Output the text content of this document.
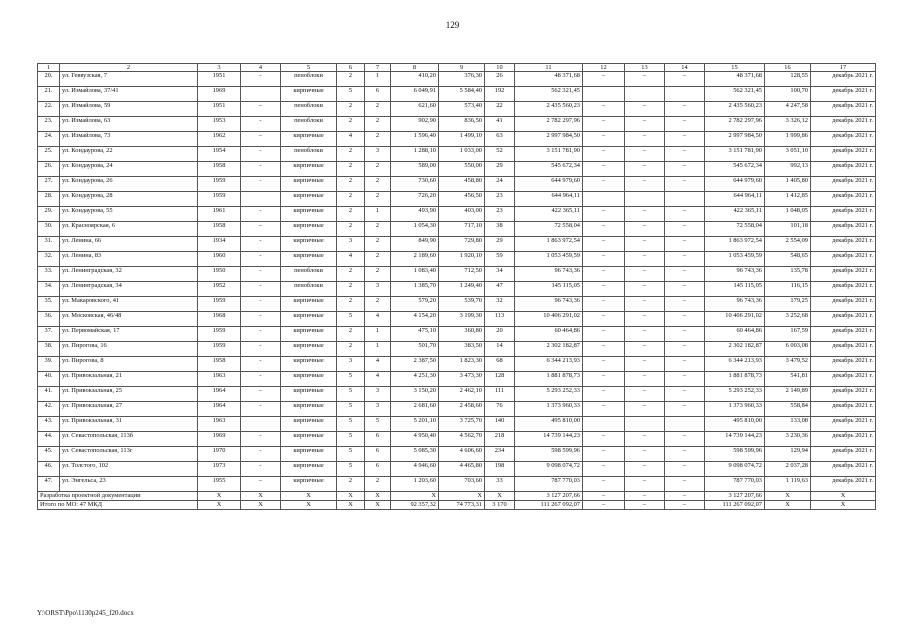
129
1	2	3	4	5	6	7	8	9	10	11	12	13	14	15	16	17
20.	ул. Геввузская, 7	1951	-	пеноблоки	2	1	410,20	376,30	26	48 371,68	–	–	–	48 371,68	128,55	декабрь 2021 г.
21.	ул. Измайлова, 37/41	1969		кирпичные	5	6	6 049,91	5 584,40	192	562 321,45				562 321,45	100,70	декабрь 2021 г.
22.	ул. Измайлова, 59	1951	–	пеноблоки	2	2	621,60	573,40	22	2 435 560,23	–	–	–	2 435 560,23	4 247,58	декабрь 2021 г.
23.	ул. Измайлова, 63	1953	-	пеноблоки	2	2	902,90	836,50	41	2 782 297,96	–	–	–	2 782 297,96	3 326,12	декабрь 2021 г.
24.	ул. Измайлова, 73	1962	–	кирпичные	4	2	1 596,40	1 499,10	63	2 997 984,50	–	–	–	2 997 984,50	1 999,86	декабрь 2021 г.
25.	ул. Кондаурова, 22	1954	-	пеноблоки	2	3	1 288,10	1 033,00	52	3 151 781,90	–	–	–	3 151 781,90	3 051,10	декабрь 2021 г.
26.	ул. Кондаурова, 24	1958	-	кирпичные	2	2	589,00	550,00	29	545 672,34	–	–	–	545 672,34	992,13	декабрь 2021 г.
27.	ул. Кондаурова, 26	1959	-	кирпичные	2	2	730,60	458,80	24	644 979,60	–	–	–	644 979,60	1 405,80	декабрь 2021 г.
28.	ул. Кондаурова, 28	1959		кирпичные	2	2	726,20	456,50	23	644 964,11				644 964,11	1 412,85	декабрь 2021 г.
29.	ул. Кондаурова, 55	1961	-	кирпичные	2	1	493,90	403,00	23	422 365,11	–	–	–	422 365,11	1 048,05	декабрь 2021 г.
30.	ул. Красноярская, 6	1958	–	кирпичные	2	2	1 054,30	717,10	38	72 558,04	–	–	–	72 558,04	101,18	декабрь 2021 г.
31.	ул. Ленина, 66	1934	-	кирпичные	3	2	849,90	729,80	29	1 863 972,54	–	–	–	1 863 972,54	2 554,09	декабрь 2021 г.
32.	ул. Ленина, 83	1960	-	кирпичные	4	2	2 189,60	1 920,10	59	1 053 459,59	–	–	–	1 053 459,59	548,65	декабрь 2021 г.
33.	ул. Ленинградская, 32	1950	-	пеноблоки	2	2	1 083,40	712,50	34	96 743,36	–	–	–	96 743,36	135,78	декабрь 2021 г.
34.	ул. Ленинградская, 34	1952	-	пеноблоки	2	3	1 385,70	1 249,40	47	145 115,05	–	–	–	145 115,05	116,15	декабрь 2021 г.
35.	ул. Макаровского, 41	1959	-	кирпичные	2	2	579,20	539,70	32	96 743,36	–	–	–	96 743,36	179,25	декабрь 2021 г.
36.	ул. Московская, 46/48	1968	-	кирпичные	5	4	4 154,20	3 199,30	113	10 406 291,02	–	–	–	10 406 291,02	3 252,68	декабрь 2021 г.
37.	ул. Первомайская, 17	1959	-	кирпичные	2	1	475,10	360,80	20	60 464,86	–	–	–	60 464,86	167,59	декабрь 2021 г.
38.	ул. Пирогова, 16	1959	-	кирпичные	2	1	501,70	383,50	14	2 302 182,87	–	–	–	2 302 182,87	6 003,08	декабрь 2021 г.
39.	ул. Пирогова, 8	1958	-	кирпичные	3	4	2 387,50	1 823,30	68	6 344 213,93	–	–	–	6 344 213,93	3 479,52	декабрь 2021 г.
40.	ул. Привокзальная, 21	1963	-	кирпичные	5	4	4 251,30	3 473,30	128	1 881 878,73	–	–	–	1 881 878,73	541,81	декабрь 2021 г.
41.	ул. Привокзальная, 25	1964	–	кирпичные	5	3	3 150,20	2 462,10	111	5 293 252,33	–	–	–	5 293 252,33	2 149,89	декабрь 2021 г.
42.	ул. Привокзальная, 27	1964	-	кирпичные	5	3	2 681,60	2 458,60	76	1 373 960,33	–	–	–	1 373 960,33	558,84	декабрь 2021 г.
43.	ул. Привокзальная, 31	1963		кирпичные	5	5	5 201,10	3 725,70	140	495 810,00				495 810,00	133,08	декабрь 2021 г.
44.	ул. Севастопольская, 113б	1969	-	кирпичные	5	6	4 950,40	4 562,70	218	14 739 144,23	–	–	–	14 739 144,23	3 230,36	декабрь 2021 г.
45.	ул. Севастопольская, 113г	1970	-	кирпичные	5	6	5 085,30	4 606,60	234	598 599,96	–	–	–	598 599,96	129,94	декабрь 2021 г.
46.	ул. Толстого, 102	1973	-	кирпичные	5	6	4 946,60	4 465,80	198	9 098 074,72	–	–	–	9 098 074,72	2 037,28	декабрь 2021 г.
47.	ул. Энгельса, 23	1955	–	кирпичные	2	2	1 203,60	703,60	33	787 770,03	–	–	–	787 770,03	1 119,63	декабрь 2021 г.
Разработка проектной документации		X	X	X	X	X	X	X	X	3 127 207,66	–	–	–	3 127 207,66	X	X
Итого по МО: 47 МКД		X	X	X	X	X	92 357,32	74 773,31	3 170	111 267 092,07	–	–	–	111 267 092,07	X	X
Y:\ORST\Ppo\1130p245_f20.docx
